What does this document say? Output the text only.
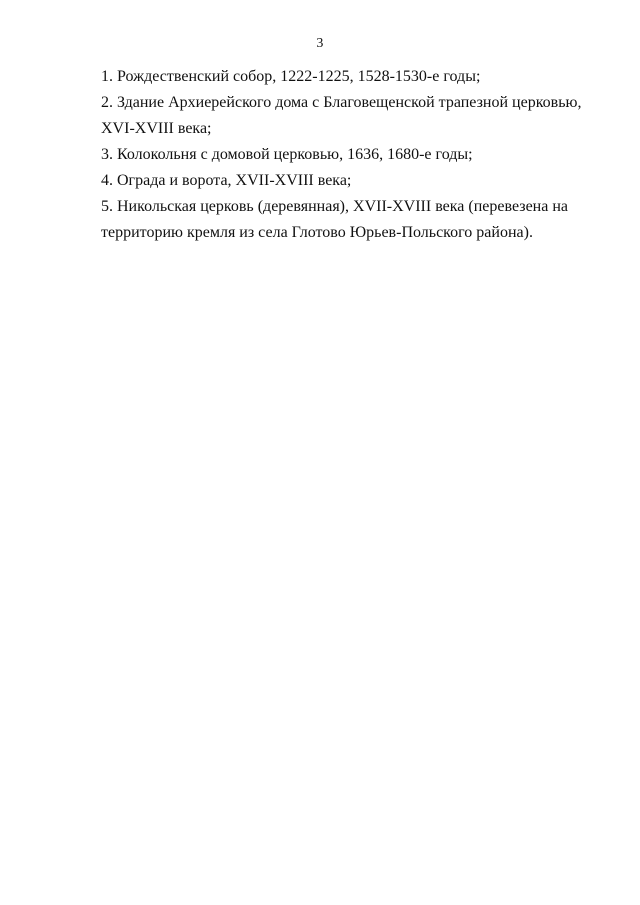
3
1. Рождественский собор, 1222-1225, 1528-1530-е годы;
2. Здание Архиерейского дома с Благовещенской трапезной церковью,
XVI-XVIII века;
3. Колокольня с домовой церковью, 1636, 1680-е годы;
4. Ограда и ворота, XVII-XVIII века;
5. Никольская церковь (деревянная), XVII-XVIII века (перевезена на
территорию кремля из села Глотово Юрьев-Польского района).
